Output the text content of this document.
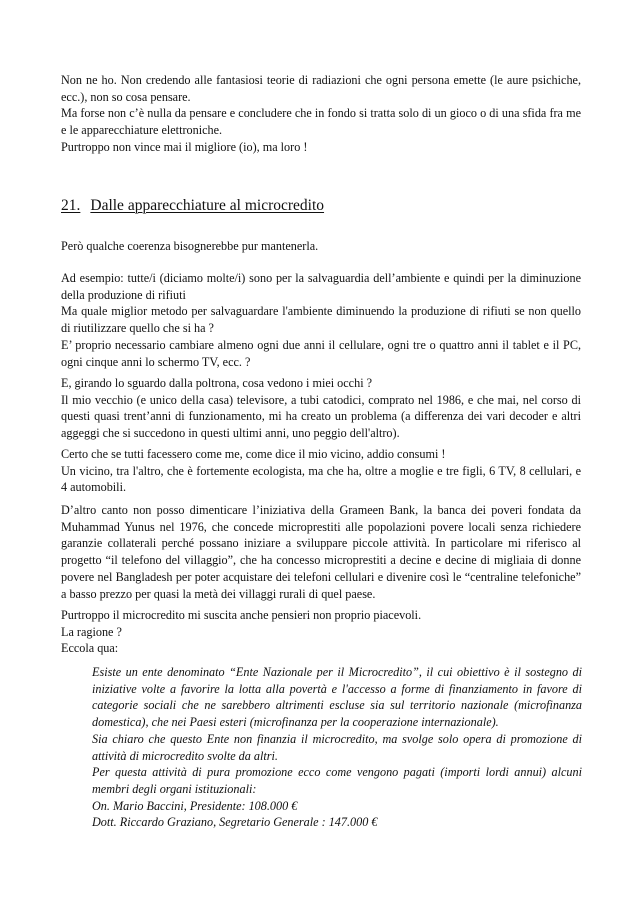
Non ne ho. Non credendo alle fantasiosi teorie di radiazioni che ogni persona emette (le aure psichiche, ecc.), non so cosa pensare.

Ma forse non c’è nulla da pensare e concludere che in fondo si tratta solo di un gioco o di una sfida fra me e le apparecchiature elettroniche.

Purtroppo non vince mai il migliore (io), ma loro !

21. Dalle apparecchiature al microcredito

Però qualche coerenza bisognerebbe pur mantenerla.

Ad esempio: tutte/i (diciamo molte/i) sono per la salvaguardia dell’ambiente e quindi per la diminuzione della produzione di rifiuti

Ma quale miglior metodo per salvaguardare l'ambiente diminuendo la produzione di rifiuti se non quello di riutilizzare quello che si ha ?

E’ proprio necessario cambiare almeno ogni due anni il cellulare, ogni tre o quattro anni il tablet e il PC, ogni cinque anni lo schermo TV, ecc. ?

E, girando lo sguardo dalla poltrona, cosa vedono i miei occhi ?

Il mio vecchio (e unico della casa) televisore, a tubi catodici, comprato nel 1986, e che mai, nel corso di questi quasi trent’anni di funzionamento, mi ha creato un problema (a differenza dei vari decoder e altri aggeggi che si succedono in questi ultimi anni, uno peggio dell'altro).

Certo che se tutti facessero come me, come dice il mio vicino, addio consumi !

Un vicino, tra l'altro, che è fortemente ecologista, ma che ha, oltre a moglie e tre figli, 6 TV, 8 cellulari, e 4 automobili.

D’altro canto non posso dimenticare l’iniziativa della Grameen Bank, la banca dei poveri fondata da Muhammad Yunus nel 1976, che concede microprestiti alle popolazioni povere locali senza richiedere garanzie collaterali perché possano iniziare a sviluppare piccole attività. In particolare mi riferisco al progetto “il telefono del villaggio”, che ha concesso microprestiti a decine e decine di migliaia di donne povere nel Bangladesh per poter acquistare dei telefoni cellulari e divenire così le “centraline telefoniche” a basso prezzo per quasi la metà dei villaggi rurali di quel paese.

Purtroppo il microcredito mi suscita anche pensieri non proprio piacevoli.

La ragione ?

Eccola qua:

Esiste un ente denominato “Ente Nazionale per il Microcredito”, il cui obiettivo è il sostegno di iniziative volte a favorire la lotta alla povertà e l'accesso a forme di finanziamento in favore di categorie sociali che ne sarebbero altrimenti escluse sia sul territorio nazionale (microfinanza domestica), che nei Paesi esteri (microfinanza per la cooperazione internazionale).

Sia chiaro che questo Ente non finanzia il microcredito, ma svolge solo opera di promozione di attività di microcredito svolte da altri.

Per questa attività di pura promozione ecco come vengono pagati (importi lordi annui) alcuni membri degli organi istituzionali:

On. Mario Baccini, Presidente: 108.000 €

Dott. Riccardo Graziano, Segretario Generale : 147.000 €
